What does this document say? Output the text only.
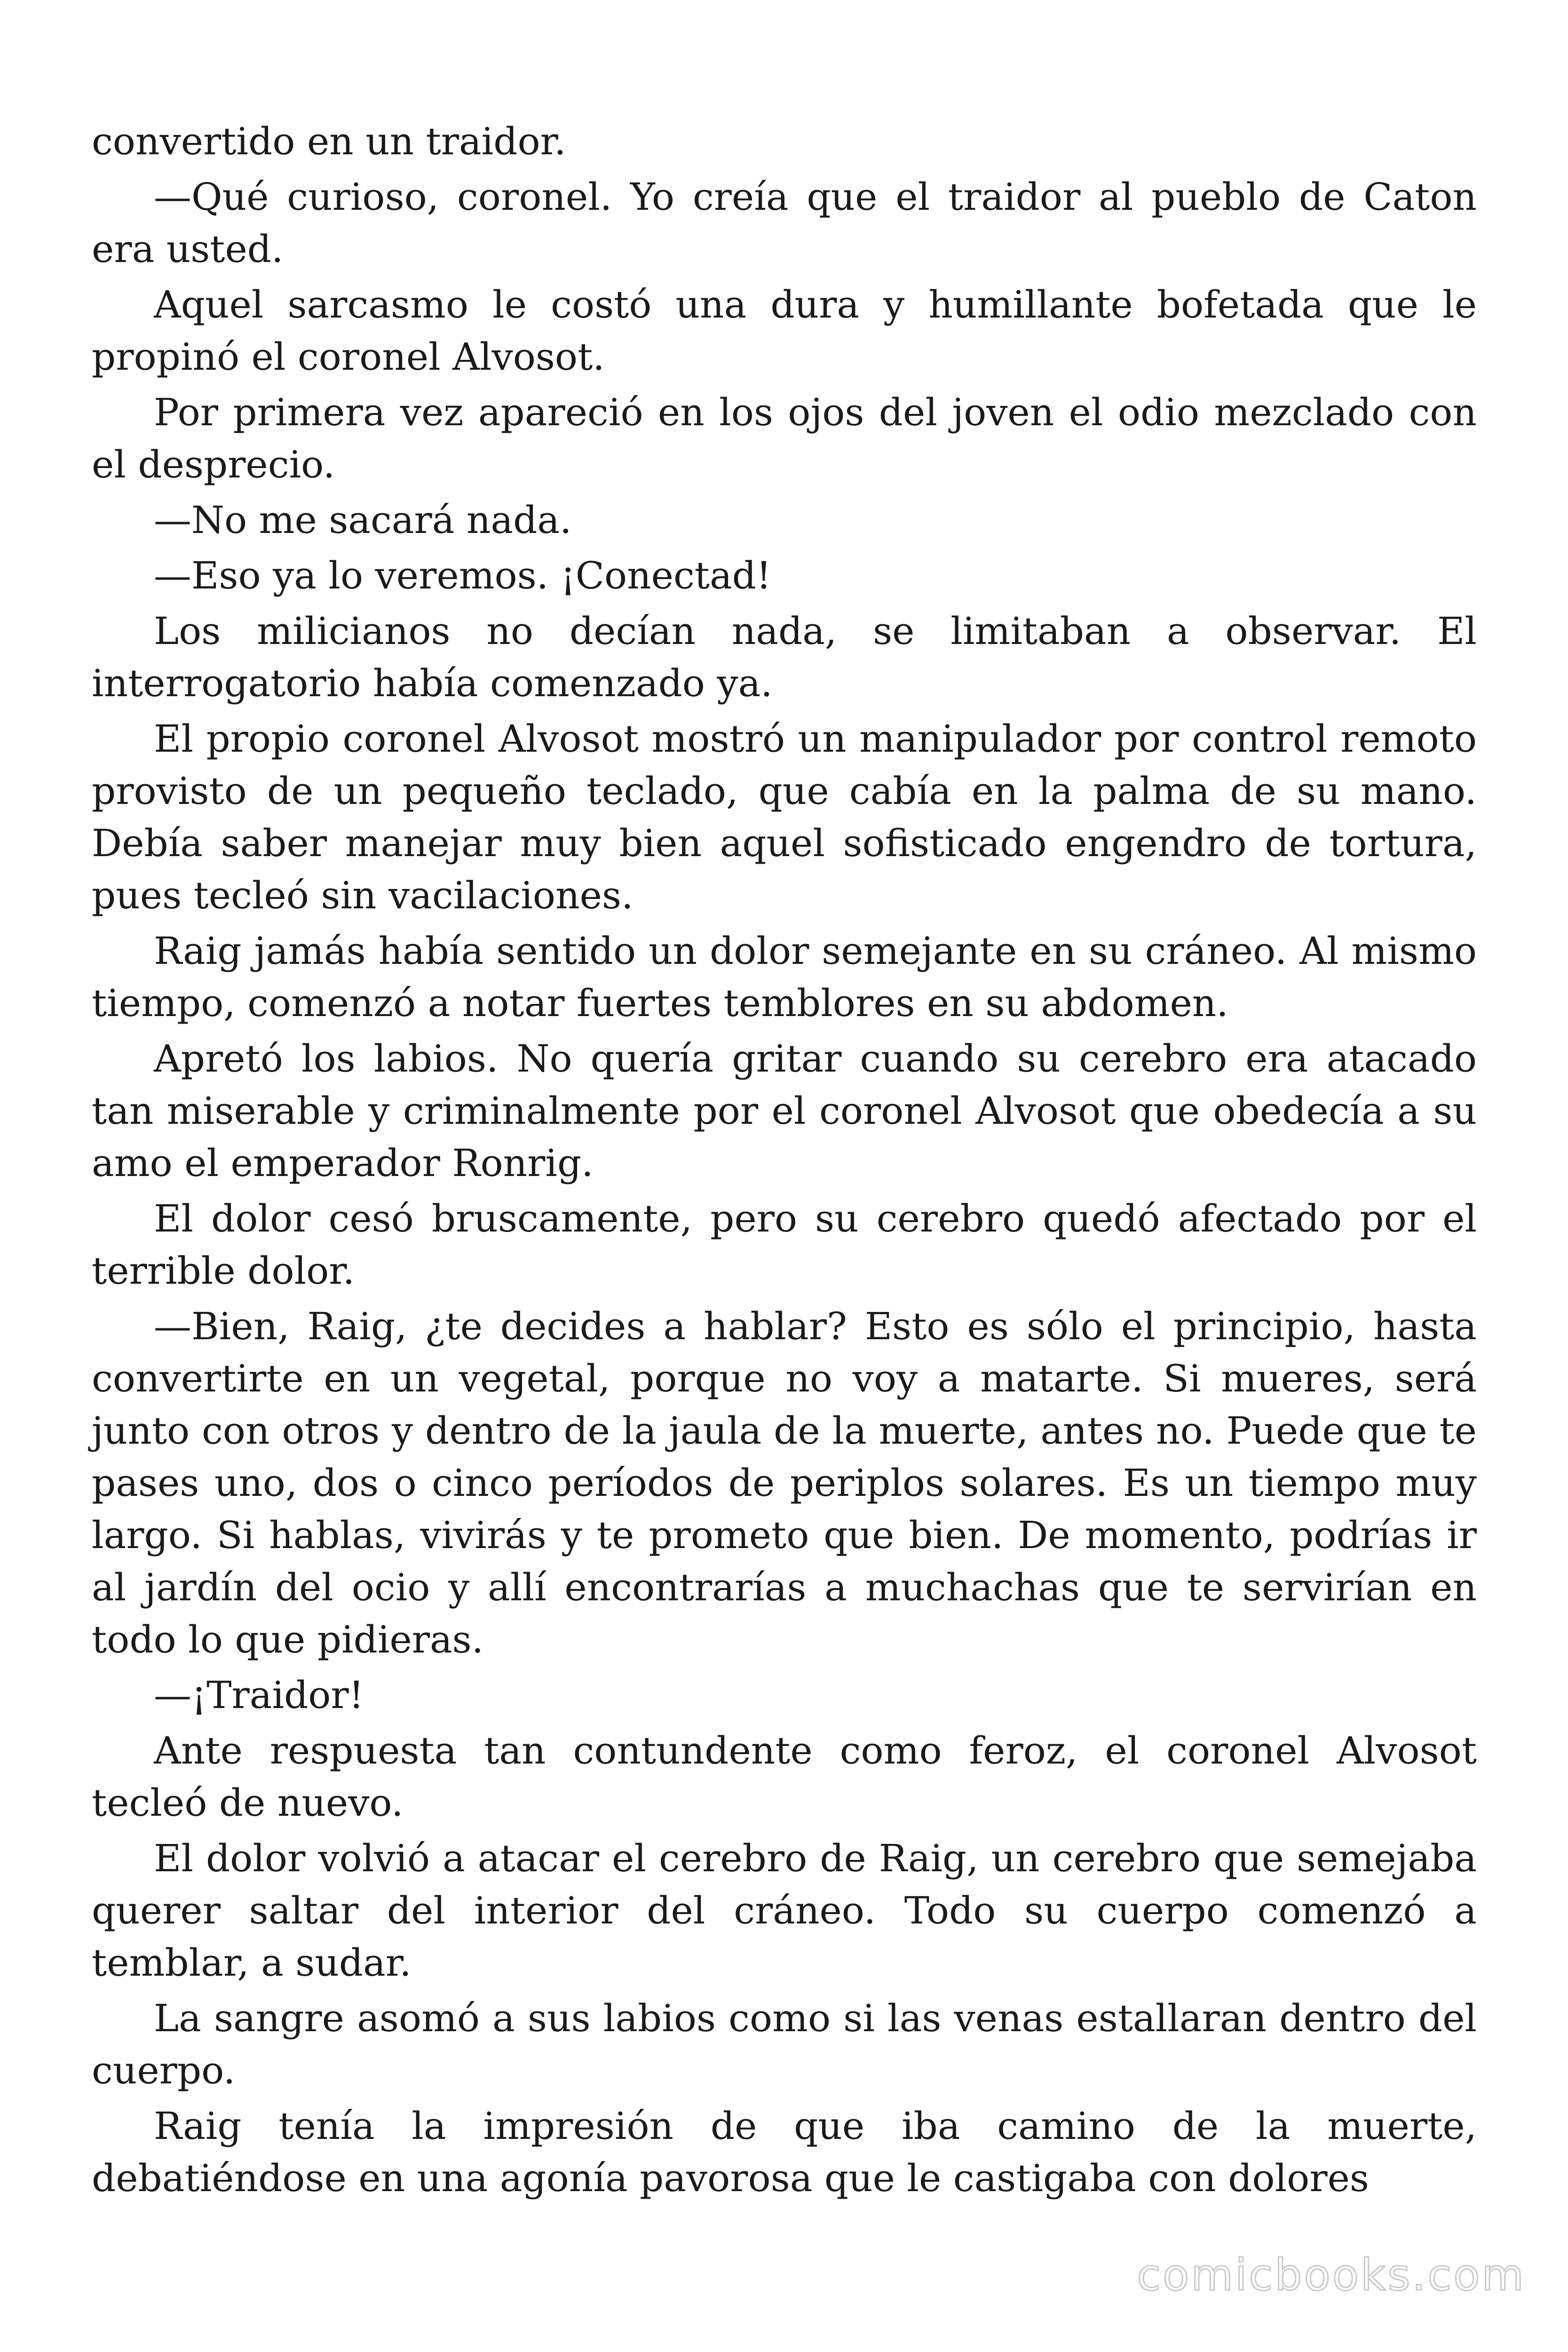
convertido en un traidor.

—Qué curioso, coronel. Yo creía que el traidor al pueblo de Caton era usted.

Aquel sarcasmo le costó una dura y humillante bofetada que le propinó el coronel Alvosot.

Por primera vez apareció en los ojos del joven el odio mezclado con el desprecio.

—No me sacará nada.

—Eso ya lo veremos. ¡Conectad!

Los milicianos no decían nada, se limitaban a observar. El interrogatorio había comenzado ya.

El propio coronel Alvosot mostró un manipulador por control remoto provisto de un pequeño teclado, que cabía en la palma de su mano. Debía saber manejar muy bien aquel sofisticado engendro de tortura, pues tecleó sin vacilaciones.

Raig jamás había sentido un dolor semejante en su cráneo. Al mismo tiempo, comenzó a notar fuertes temblores en su abdomen.

Apretó los labios. No quería gritar cuando su cerebro era atacado tan miserable y criminalmente por el coronel Alvosot que obedecía a su amo el emperador Ronrig.

El dolor cesó bruscamente, pero su cerebro quedó afectado por el terrible dolor.

—Bien, Raig, ¿te decides a hablar? Esto es sólo el principio, hasta convertirte en un vegetal, porque no voy a matarte. Si mueres, será junto con otros y dentro de la jaula de la muerte, antes no. Puede que te pases uno, dos o cinco períodos de periplos solares. Es un tiempo muy largo. Si hablas, vivirás y te prometo que bien. De momento, podrías ir al jardín del ocio y allí encontrarías a muchachas que te servirían en todo lo que pidieras.

—¡Traidor!

Ante respuesta tan contundente como feroz, el coronel Alvosot tecleó de nuevo.

El dolor volvió a atacar el cerebro de Raig, un cerebro que semejaba querer saltar del interior del cráneo. Todo su cuerpo comenzó a temblar, a sudar.

La sangre asomó a sus labios como si las venas estallaran dentro del cuerpo.

Raig tenía la impresión de que iba camino de la muerte, debatiéndose en una agonía pavorosa que le castigaba con dolores

comicbooks.com
